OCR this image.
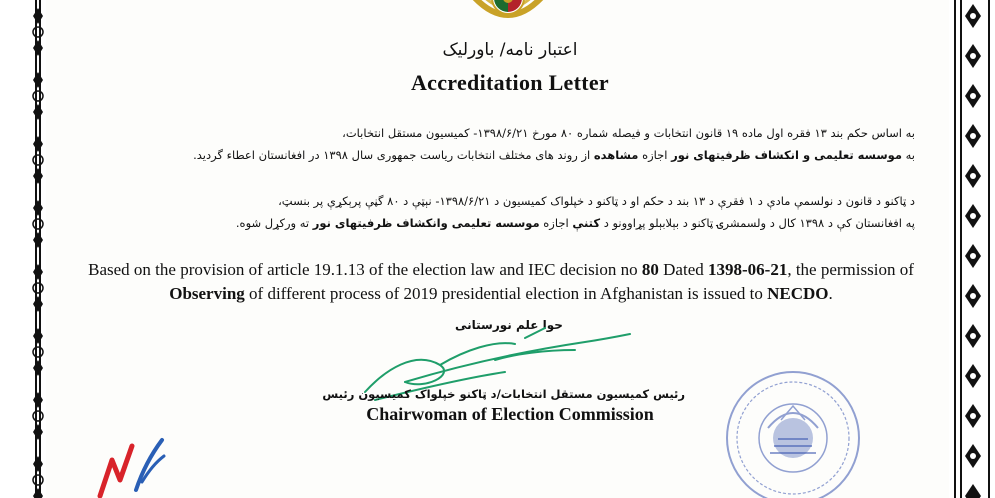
اعتبار نامه/ باورلیک
Accreditation Letter
به اساس حکم بند ۱۳ فقره اول ماده ۱۹ قانون انتخابات و فیصله شماره ۸۰ مورخ ۱۳۹۸/۶/۲۱- کمیسیون مستقل انتخابات،
به موسسه تعلیمی و انکشاف ظرفیتهای نور اجازه مشاهده از روند های مختلف انتخابات ریاست جمهوری سال ۱۳۹۸ در افغانستان اعطاء گردید.
د ټاکنو د قانون د نولسمې مادې د ۱ فقرې د ۱۳ بند د حکم او د ټاکنو د خپلواک کمیسیون د ۱۳۹۸/۶/۲۱- نېټې د ۸۰ گڼې پرېکړې پر بنسټ،
په افغانستان کې د ۱۳۹۸ کال د ولسمشرۍ ټاکنو د بېلابېلو پړاوونو د کتنې اجازه موسسه تعلیمی وانکشاف ظرفیتهای نور ته ورکړل شوه.
Based on the provision of article 19.1.13 of the election law and IEC decision no 80 Dated 1398-06-21, the permission of
Observing of different process of 2019 presidential election in Afghanistan is issued to NECDO.
حوا علم نورستانی
رئیس کمیسیون مستقل انتخابات/د ټاکنو خپلواک کمیسیون رئیس
Chairwoman of Election Commission
